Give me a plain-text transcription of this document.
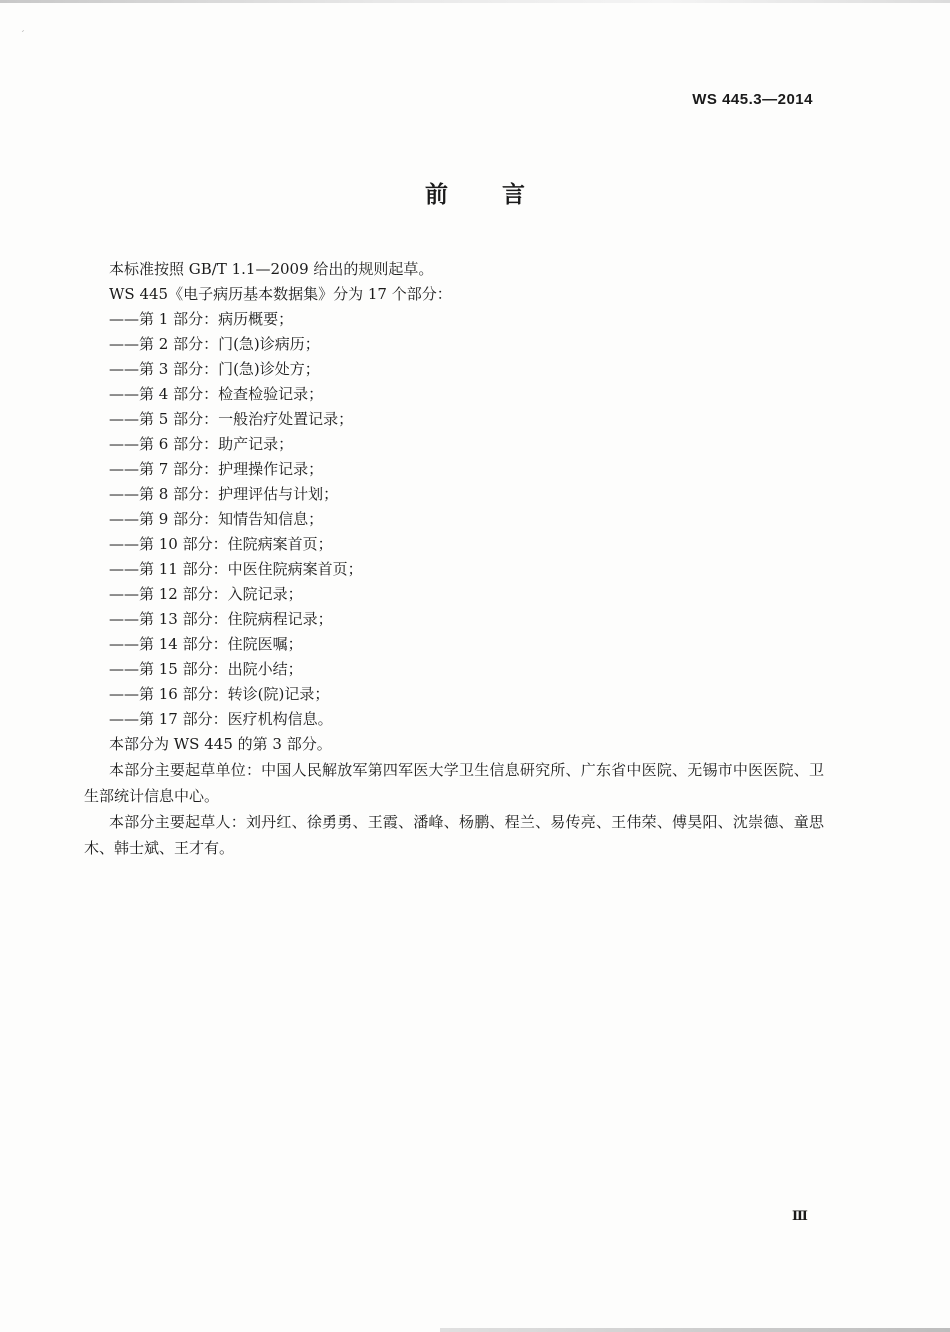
ˊ
WS 445.3—2014
前言

本标准按照 GB/T 1.1—2009 给出的规则起草。

WS 445《电子病历基本数据集》分为 17 个部分：

——第 1 部分：病历概要；

——第 2 部分：门(急)诊病历；

——第 3 部分：门(急)诊处方；

——第 4 部分：检查检验记录；

——第 5 部分：一般治疗处置记录；

——第 6 部分：助产记录；

——第 7 部分：护理操作记录；

——第 8 部分：护理评估与计划；

——第 9 部分：知情告知信息；

——第 10 部分：住院病案首页；

——第 11 部分：中医住院病案首页；

——第 12 部分：入院记录；

——第 13 部分：住院病程记录；

——第 14 部分：住院医嘱；

——第 15 部分：出院小结；

——第 16 部分：转诊(院)记录；

——第 17 部分：医疗机构信息。

本部分为 WS 445 的第 3 部分。

本部分主要起草单位：中国人民解放军第四军医大学卫生信息研究所、广东省中医院、无锡市中医医院、卫生部统计信息中心。

本部分主要起草人：刘丹红、徐勇勇、王霞、潘峰、杨鹏、程兰、易传亮、王伟荣、傅昊阳、沈崇德、童思木、韩士斌、王才有。

Ⅲ
